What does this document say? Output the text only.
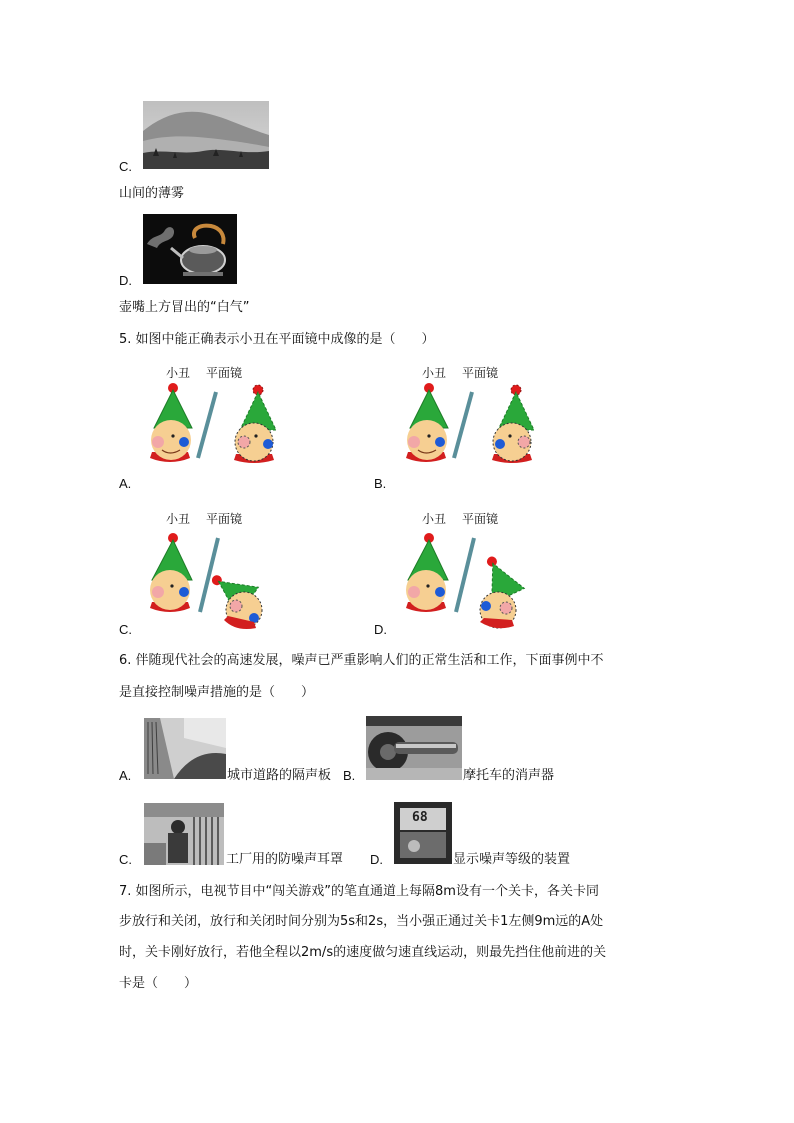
C.
山间的薄雾
D.
壶嘴上方冒出的“白气”
5. 如图中能正确表示小丑在平面镜中成像的是（　　）
小丑 平面镜
A.
小丑 平面镜
B.
小丑 平面镜
C.
小丑 平面镜
D.
6. 伴随现代社会的高速发展，噪声已严重影响人们的正常生活和工作，下面事例中不
是直接控制噪声措施的是（　　）
A.	城市道路的隔声板 B.	摩托车的消声器
C.	工厂用的防噪声耳罩 D.
68
显示噪声等级的装置
7. 如图所示，电视节目中“闯关游戏”的笔直通道上每隔8m设有一个关卡，各关卡同
步放行和关闭，放行和关闭时间分别为5s和2s，当小强正通过关卡1左侧9m远的A处
时，关卡刚好放行，若他全程以2m/s的速度做匀速直线运动，则最先挡住他前进的关
卡是（　　）
